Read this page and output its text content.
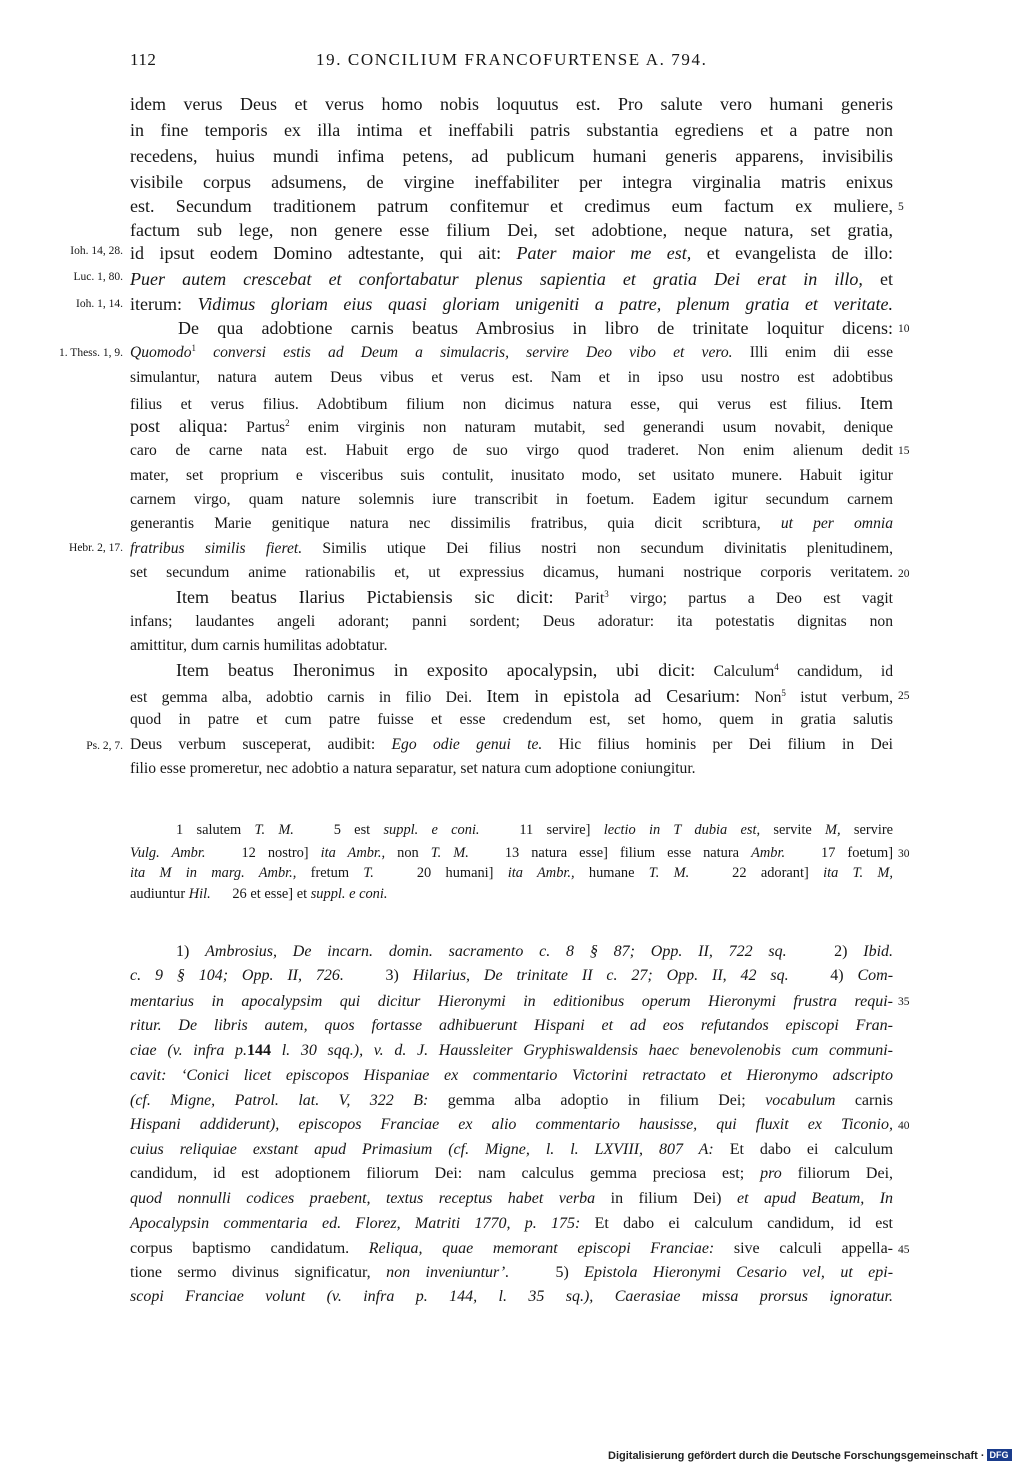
112	19. CONCILIUM FRANCOFURTENSE A. 794.
Ioh. 14, 28.
Luc. 1, 80.
Ioh. 1, 14.
1. Thess. 1, 9.
Hebr. 2, 17.
Ps. 2, 7.
5
10
15
20
25
30
35
40
45
idem verus Deus et verus homo nobis loquutus est. Pro salute vero humani generis
in fine temporis ex illa intima et ineffabili patris substantia egrediens et a patre non
recedens, huius mundi infima petens, ad publicum humani generis apparens, invisibilis
visibile corpus adsumens, de virgine ineffabiliter per integra virginalia matris enixus
est. Secundum traditionem patrum confitemur et credimus eum factum ex muliere,
factum sub lege, non genere esse filium Dei, set adobtione, neque natura, set gratia,
id ipsut eodem Domino adtestante, qui ait: Pater maior me est, et evangelista de illo:
Puer autem crescebat et confortabatur plenus sapientia et gratia Dei erat in illo, et
iterum: Vidimus gloriam eius quasi gloriam unigeniti a patre, plenum gratia et veritate.
De qua adobtione carnis beatus Ambrosius in libro de trinitate loquitur dicens:
Quomodo$^1$ conversi estis ad Deum a simulacris, servire Deo vibo et vero. Illi enim dii esse
simulantur, natura autem Deus vibus et verus est. Nam et in ipso usu nostro est adobtibus
filius et verus filius. Adobtibum filium non dicimus natura esse, qui verus est filius. Item
post aliqua: Partus$^2$ enim virginis non naturam mutabit, sed generandi usum novabit, denique
caro de carne nata est. Habuit ergo de suo virgo quod traderet. Non enim alienum dedit
mater, set proprium e visceribus suis contulit, inusitato modo, set usitato munere. Habuit igitur
carnem virgo, quam nature solemnis iure transcribit in foetum. Eadem igitur secundum carnem
generantis Marie genitique natura nec dissimilis fratribus, quia dicit scribtura, ut per omnia
fratribus similis fieret. Similis utique Dei filius nostri non secundum divinitatis plenitudinem,
set secundum anime rationabilis et, ut expressius dicamus, humani nostrique corporis veritatem.
Item beatus Ilarius Pictabiensis sic dicit: Parit$^3$ virgo; partus a Deo est vagit
infans; laudantes angeli adorant; panni sordent; Deus adoratur: ita potestatis dignitas non
amittitur, dum carnis humilitas adobtatur.
Item beatus Iheronimus in exposito apocalypsin, ubi dicit: Calculum$^4$ candidum, id
est gemma alba, adobtio carnis in filio Dei. Item in epistola ad Cesarium: Non$^5$ istut verbum,
quod in patre et cum patre fuisse et esse credendum est, set homo, quem in gratia salutis
Deus verbum susceperat, audibit: Ego odie genui te. Hic filius hominis per Dei filium in Dei
filio esse promeretur, nec adobtio a natura separatur, set natura cum adoptione coniungitur.
1 salutem T. M.	5 est suppl. e coni.	11 servire] lectio in T dubia est, servite M, servire
Vulg. Ambr.	12 nostro] ita Ambr., non T. M.	13 natura esse] filium esse natura Ambr.	17 foetum]
ita M in marg. Ambr., fretum T.	20 humani] ita Ambr., humane T. M.	22 adorant] ita T. M,
audiuntur Hil. 26 et esse] et suppl. e coni.
1) Ambrosius, De incarn. domin. sacramento c. 8 § 87; Opp. II, 722 sq.	2) Ibid.
c. 9 § 104; Opp. II, 726.	3) Hilarius, De trinitate II c. 27; Opp. II, 42 sq.	4) Com-
mentarius in apocalypsim qui dicitur Hieronymi in editionibus operum Hieronymi frustra requi-
ritur. De libris autem, quos fortasse adhibuerunt Hispani et ad eos refutandos episcopi Fran-
ciae (v. infra p.144 l. 30 sqq.), v. d. J. Haussleiter Gryphiswaldensis haec benevolenobis cum communi-
cavit: ‘Conici licet episcopos Hispaniae ex commentario Victorini retractato et Hieronymo adscripto
(cf. Migne, Patrol. lat. V, 322 B: gemma alba adoptio in filium Dei; vocabulum carnis
Hispani addiderunt), episcopos Franciae ex alio commentario hausisse, qui fluxit ex Ticonio,
cuius reliquiae exstant apud Primasium (cf. Migne, l. l. LXVIII, 807 A: Et dabo ei calculum
candidum, id est adoptionem filiorum Dei: nam calculus gemma preciosa est; pro filiorum Dei,
quod nonnulli codices praebent, textus receptus habet verba in filium Dei) et apud Beatum, In
Apocalypsin commentaria ed. Florez, Matriti 1770, p. 175: Et dabo ei calculum candidum, id est
corpus baptismo candidatum. Reliqua, quae memorant episcopi Franciae: sive calculi appella-
tione sermo divinus significatur, non inveniuntur’.	5) Epistola Hieronymi Cesario vel, ut epi-
scopi Franciae volunt (v. infra p. 144, l. 35 sq.), Caerasiae missa prorsus ignoratur.
Digitalisierung gefördert durch die Deutsche Forschungsgemeinschaft · DFG
